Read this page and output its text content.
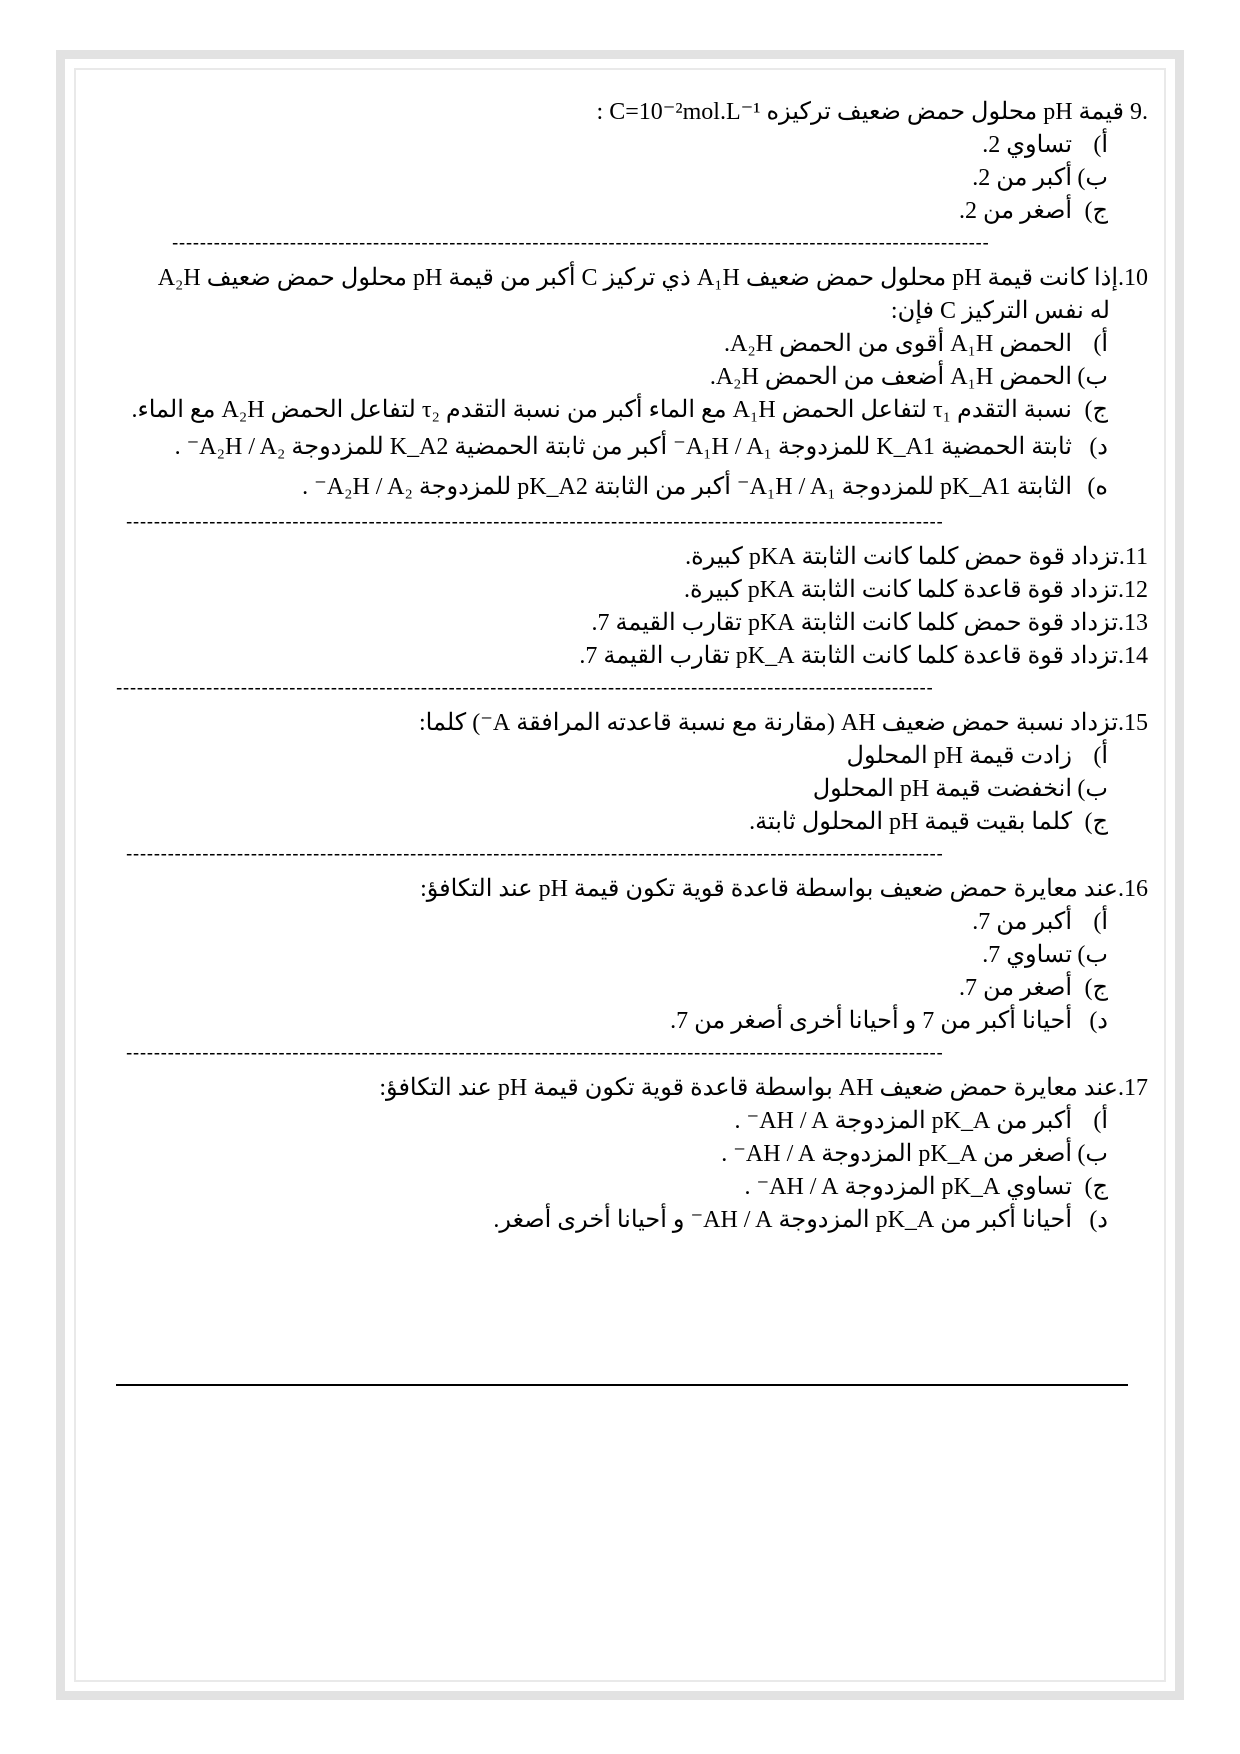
.9 قيمة pH محلول حمض ضعيف تركيزه C=10⁻²mol.L⁻¹ :
أ) تساوي 2.
ب) أكبر من 2.
ج) أصغر من 2.
----------------------------------------------------------------------------------------------------------------------
10.إذا كانت قيمة pH محلول حمض ضعيف A₁H ذي تركيز C أكبر من قيمة pH محلول حمض ضعيف A₂H
له نفس التركيز C فإن:
أ) الحمض A₁H أقوى من الحمض A₂H.
ب) الحمض A₁H أضعف من الحمض A₂H.
ج) نسبة التقدم τ₁ لتفاعل الحمض A₁H مع الماء أكبر من نسبة التقدم τ₂ لتفاعل الحمض A₂H مع الماء.
د) ثابتة الحمضية K_A1 للمزدوجة A₁H / A₁⁻ أكبر من ثابتة الحمضية K_A2 للمزدوجة A₂H / A₂⁻ .
ه) الثابتة pK_A1 للمزدوجة A₁H / A₁⁻ أكبر من الثابتة pK_A2 للمزدوجة A₂H / A₂⁻ .
----------------------------------------------------------------------------------------------------------------------
11.تزداد قوة حمض كلما كانت الثابتة pKA كبيرة.
12.تزداد قوة قاعدة كلما كانت الثابتة pKA كبيرة.
13.تزداد قوة حمض كلما كانت الثابتة pKA تقارب القيمة 7.
14.تزداد قوة قاعدة كلما كانت الثابتة pK_A تقارب القيمة 7.
----------------------------------------------------------------------------------------------------------------------
15.تزداد نسبة حمض ضعيف AH (مقارنة مع نسبة قاعدته المرافقة A⁻) كلما:
أ) زادت قيمة pH المحلول
ب) انخفضت قيمة pH المحلول
ج) كلما بقيت قيمة pH المحلول ثابتة.
----------------------------------------------------------------------------------------------------------------------
16.عند معايرة حمض ضعيف بواسطة قاعدة قوية تكون قيمة pH عند التكافؤ:
أ) أكبر من 7.
ب) تساوي 7.
ج) أصغر من 7.
د) أحيانا أكبر من 7 و أحيانا أخرى أصغر من 7.
----------------------------------------------------------------------------------------------------------------------
17.عند معايرة حمض ضعيف AH بواسطة قاعدة قوية تكون قيمة pH عند التكافؤ:
أ) أكبر من pK_A المزدوجة AH / A⁻ .
ب) أصغر من pK_A المزدوجة AH / A⁻ .
ج) تساوي pK_A المزدوجة AH / A⁻ .
د) أحيانا أكبر من pK_A المزدوجة AH / A⁻ و أحيانا أخرى أصغر.
